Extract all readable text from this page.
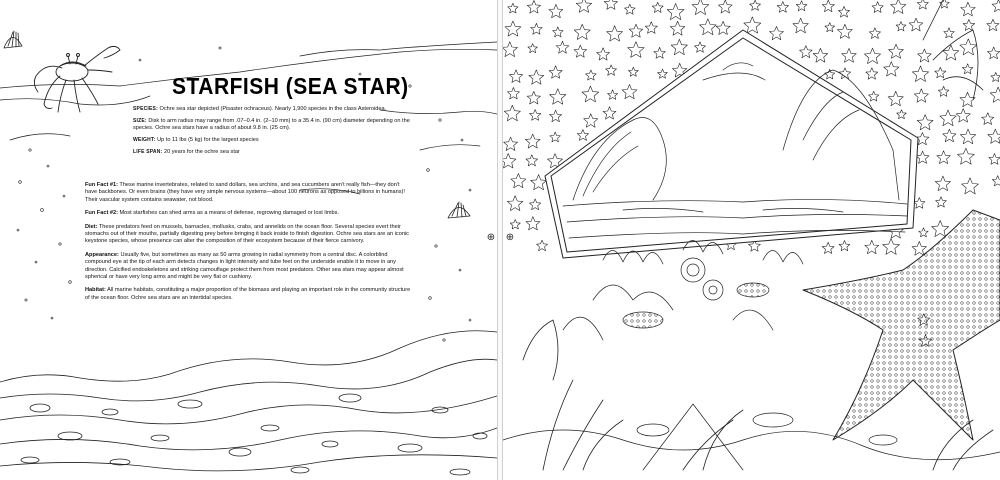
STARFISH (SEA STAR)

SPECIES: Ochre sea star depicted (Pisaster ochraceus). Nearly 1,900 species in the class Asteroidea.

SIZE: Disk to arm radius may range from .07–0.4 in. (2–10 mm) to a 35.4 in. (90 cm) diameter depending on the species. Ochre sea stars have a radius of about 9.8 in. (25 cm).

WEIGHT: Up to 11 lbs (5 kg) for the largest species

LIFE SPAN: 20 years for the ochre sea star

Fun Fact #1: These marine invertebrates, related to sand dollars, sea urchins, and sea cucumbers aren't really fish—they don't have backbones. Or even brains (they have very simple nervous systems—about 100 neurons as opposed to billions in humans)! Their vascular system contains seawater, not blood.

Fun Fact #2: Most starfishes can shed arms as a means of defense, regrowing damaged or lost limbs.

Diet: These predators feed on mussels, barnacles, mollusks, crabs, and annelids on the ocean floor. Several species evert their stomachs out of their mouths, partially digesting prey before bringing it back inside to finish digestion. Ochre sea stars are an iconic keystone species, whose presence can alter the composition of their ecosystem because of their fierce carnivory.

Appearance: Usually five, but sometimes as many as 50 arms growing in radial symmetry from a central disc. A colorblind compound eye at the tip of each arm detects changes in light intensity and tube feet on the underside enable it to move in any direction. Calcified endoskeletons and striking camouflage protect them from most predators. Other sea stars may appear almost spherical or have very long arms and might be very flat or cushiony.

Habitat: All marine habitats, constituting a major proportion of the biomass and playing an important role in the community structure of the ocean floor. Ochre sea stars are an intertidal species.

⊕ ⊕
